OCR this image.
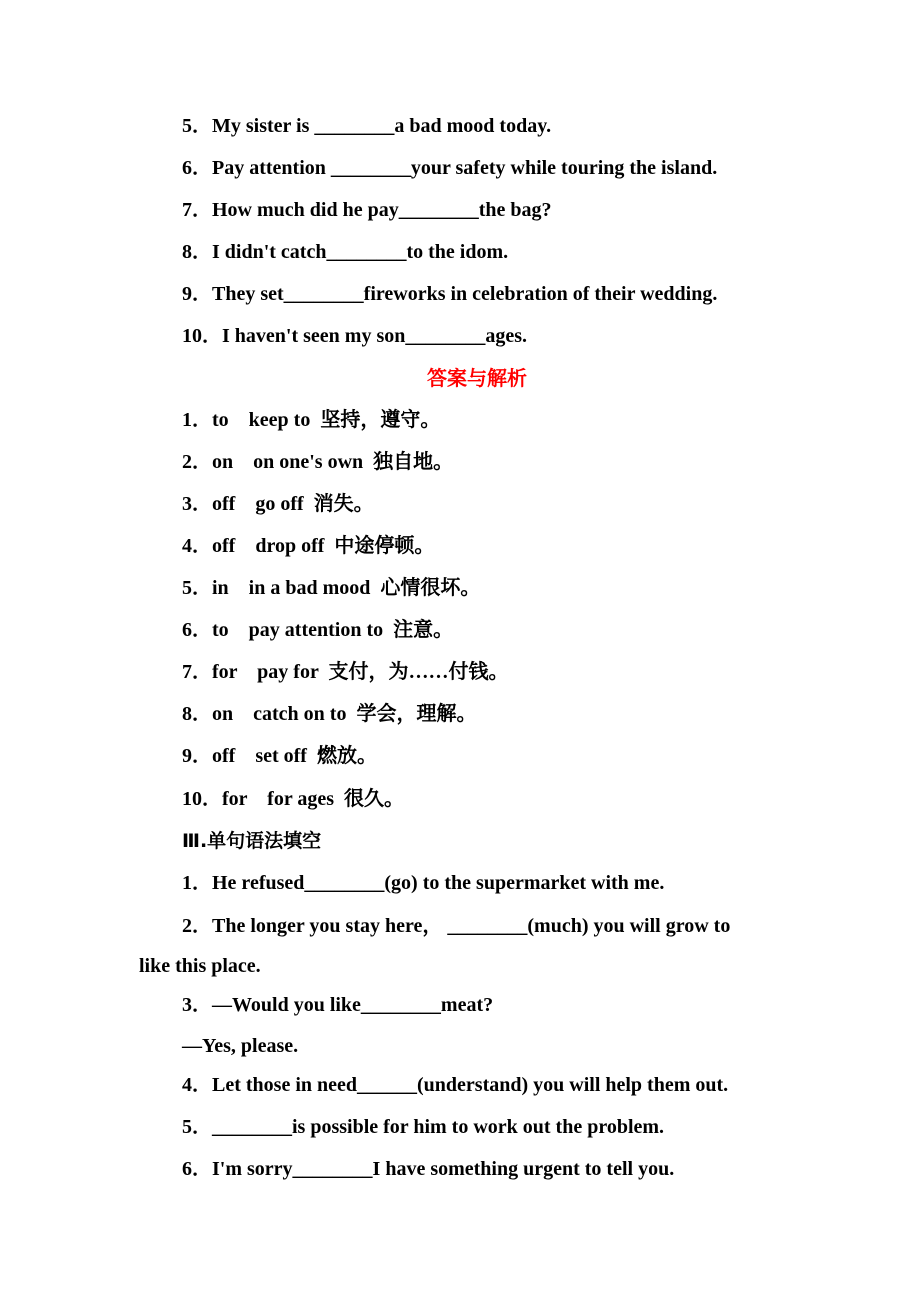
5．My sister is ________a bad mood today.
6．Pay attention ________your safety while touring the island.
7．How much did he pay________the bag?
8．I didn't catch________to the idom.
9．They set________fireworks in celebration of their wedding.
10．I haven't seen my son________ages.
答案与解析
1．to    keep to  坚持，遵守。
2．on    on one's own  独自地。
3．off    go off  消失。
4．off    drop off  中途停顿。
5．in    in a bad mood  心情很坏。
6．to    pay attention to  注意。
7．for    pay for  支付，为……付钱。
8．on    catch on to  学会，理解。
9．off    set off  燃放。
10．for    for ages  很久。
Ⅲ.单句语法填空
1．He refused________(go) to the supermarket with me.
2．The longer you stay here， ________(much) you will grow to
like this place.
3．—Would you like________meat?
—Yes, please.
4．Let those in need______(understand) you will help them out.
5．________is possible for him to work out the problem.
6．I'm sorry________I have something urgent to tell you.
